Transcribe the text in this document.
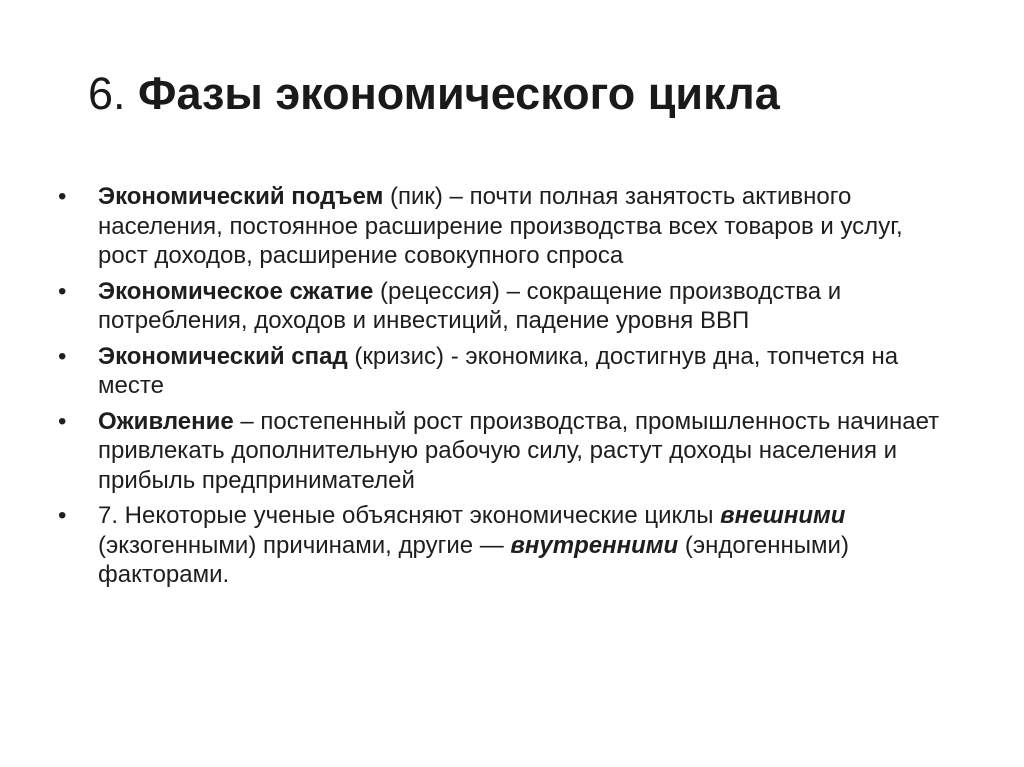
6. Фазы экономического цикла
• Экономический подъем (пик) – почти полная занятость активного населения, постоянное расширение производства всех товаров и услуг, рост доходов, расширение совокупного спроса
• Экономическое сжатие (рецессия) – сокращение производства и потребления, доходов и инвестиций, падение уровня ВВП
• Экономический спад (кризис) - экономика, достигнув дна, топчется на месте
• Оживление – постепенный рост производства, промышленность начинает привлекать дополнительную рабочую силу, растут доходы населения и прибыль предпринимателей
• 7. Некоторые ученые объясняют экономические циклы внешними (экзогенными) причинами, другие — внутренними (эндогенными) факторами.
